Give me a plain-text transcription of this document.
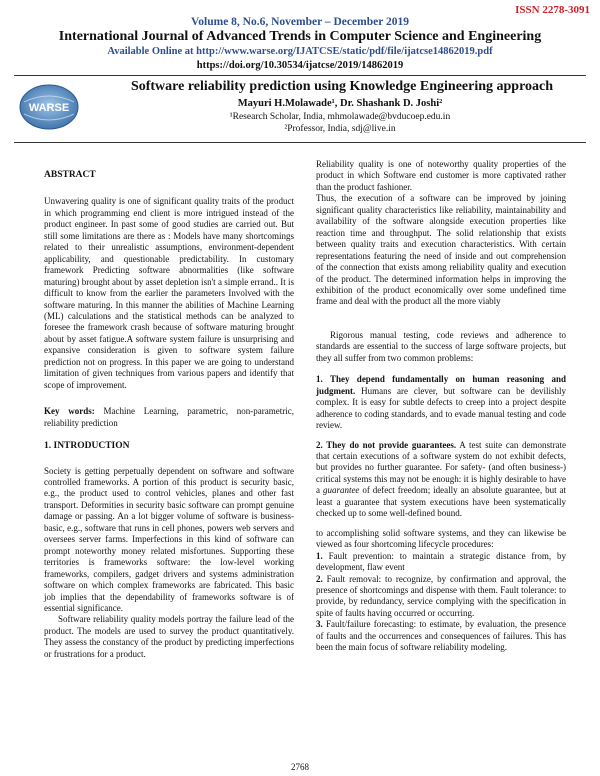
ISSN 2278-3091
Volume 8, No.6, November – December 2019
International Journal of Advanced Trends in Computer Science and Engineering
Available Online at http://www.warse.org/IJATCSE/static/pdf/file/ijatcse14862019.pdf
https://doi.org/10.30534/ijatcse/2019/14862019
WARSE
Software reliability prediction using Knowledge Engineering approach
Mayuri H.Molawade¹, Dr. Shashank D. Joshi²
¹Research Scholar, India, mhmolawade@bvducoep.edu.in
²Professor, India, sdj@live.in

ABSTRACT

Unwavering quality is one of significant quality traits of the product in which programming end client is more intrigued instead of the product engineer. In past some of good studies are carried out. But still some limitations are there as : Models have many shortcomings related to their unrealistic assumptions, environment-dependent applicability, and questionable predictability. In customary framework Predicting software abnormalities (like software maturing) brought about by asset depletion isn't a simple errand.. It is difficult to know from the earlier the parameters Involved with the software maturing. In this manner the abilities of Machine Learning (ML) calculations and the statistical methods can be analyzed to foresee the framework crash because of software maturing brought about by asset fatigue.A software system failure is unsurprising and expansive consideration is given to software system failure prediction not on progress. In this paper we are going to understand limitation of given techniques from various papers and identify that scope of improvement.

Key words: Machine Learning, parametric, non-parametric, reliability prediction

1. INTRODUCTION

Society is getting perpetually dependent on software and software controlled frameworks. A portion of this product is security basic, e.g., the product used to control vehicles, planes and other fast transport. Deformities in security basic software can prompt genuine damage or passing. An a lot bigger volume of software is business-basic, e.g., software that runs in cell phones, powers web servers and oversees server farms. Imperfections in this kind of software can prompt noteworthy money related misfortunes. Supporting these territories is frameworks software: the low-level working frameworks, compilers, gadget drivers and systems administration software on which complex frameworks are fabricated. This basic job implies that the dependability of frameworks software is of essential significance.

Software reliability quality models portray the failure lead of the product. The models are used to survey the product quantitatively. They assess the constancy of the product by predicting imperfections or frustrations for a product.

Reliability quality is one of noteworthy quality properties of the product in which Software end customer is more captivated rather than the product fashioner.

Thus, the execution of a software can be improved by joining significant quality characteristics like reliability, maintainability and availability of the software alongside execution properties like reaction time and throughput. The solid relationship that exists between quality traits and execution characteristics. With certain representations featuring the need of inside and out comprehension of the connection that exists among reliability quality and execution of the product. The determined information helps in improving the exhibition of the product economically over some undefined time frame and deal with the product all the more viably

Rigorous manual testing, code reviews and adherence to standards are essential to the success of large software projects, but they all suffer from two common problems:

1. They depend fundamentally on human reasoning and judgment. Humans are clever, but software can be devilishly complex. It is easy for subtle defects to creep into a project despite adherence to coding standards, and to evade manual testing and code review.

2. They do not provide guarantees. A test suite can demonstrate that certain executions of a software system do not exhibit defects, but provides no further guarantee. For safety- (and often business-) critical systems this may not be enough: it is highly desirable to have a guarantee of defect freedom; ideally an absolute guarantee, but at least a guarantee that system executions have been systematically checked up to some well-defined bound.

to accomplishing solid software systems, and they can likewise be viewed as four shortcoming lifecycle procedures:

1. Fault prevention: to maintain a strategic distance from, by development, flaw event

2. Fault removal: to recognize, by confirmation and approval, the presence of shortcomings and dispense with them. Fault tolerance: to provide, by redundancy, service complying with the specification in spite of faults having occurred or occurring.

3. Fault/failure forecasting: to estimate, by evaluation, the presence of faults and the occurrences and consequences of failures. This has been the main focus of software reliability modeling.

2768
